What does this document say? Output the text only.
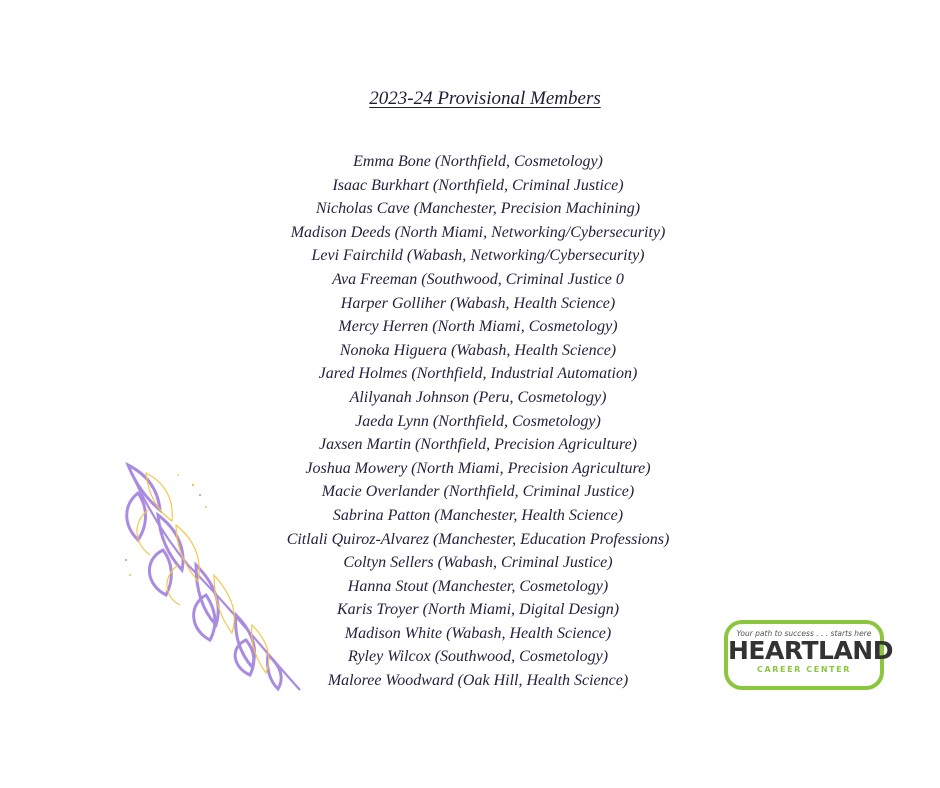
2023-24 Provisional Members
Emma Bone (Northfield, Cosmetology)
Isaac Burkhart (Northfield, Criminal Justice)
Nicholas Cave (Manchester, Precision Machining)
Madison Deeds (North Miami, Networking/Cybersecurity)
Levi Fairchild (Wabash, Networking/Cybersecurity)
Ava Freeman (Southwood, Criminal Justice 0
Harper Golliher (Wabash, Health Science)
Mercy Herren (North Miami, Cosmetology)
Nonoka Higuera (Wabash, Health Science)
Jared Holmes (Northfield, Industrial Automation)
Alilyanah Johnson (Peru, Cosmetology)
Jaeda Lynn (Northfield, Cosmetology)
Jaxsen Martin (Northfield, Precision Agriculture)
Joshua Mowery (North Miami, Precision Agriculture)
Macie Overlander (Northfield, Criminal Justice)
Sabrina Patton (Manchester, Health Science)
Citlali Quiroz-Alvarez (Manchester, Education Professions)
Coltyn Sellers (Wabash, Criminal Justice)
Hanna Stout (Manchester, Cosmetology)
Karis Troyer (North Miami, Digital Design)
Madison White (Wabash, Health Science)
Ryley Wilcox (Southwood, Cosmetology)
Maloree Woodward (Oak Hill, Health Science)
Your path to success . . . starts here
HEARTLAND
CAREER CENTER
